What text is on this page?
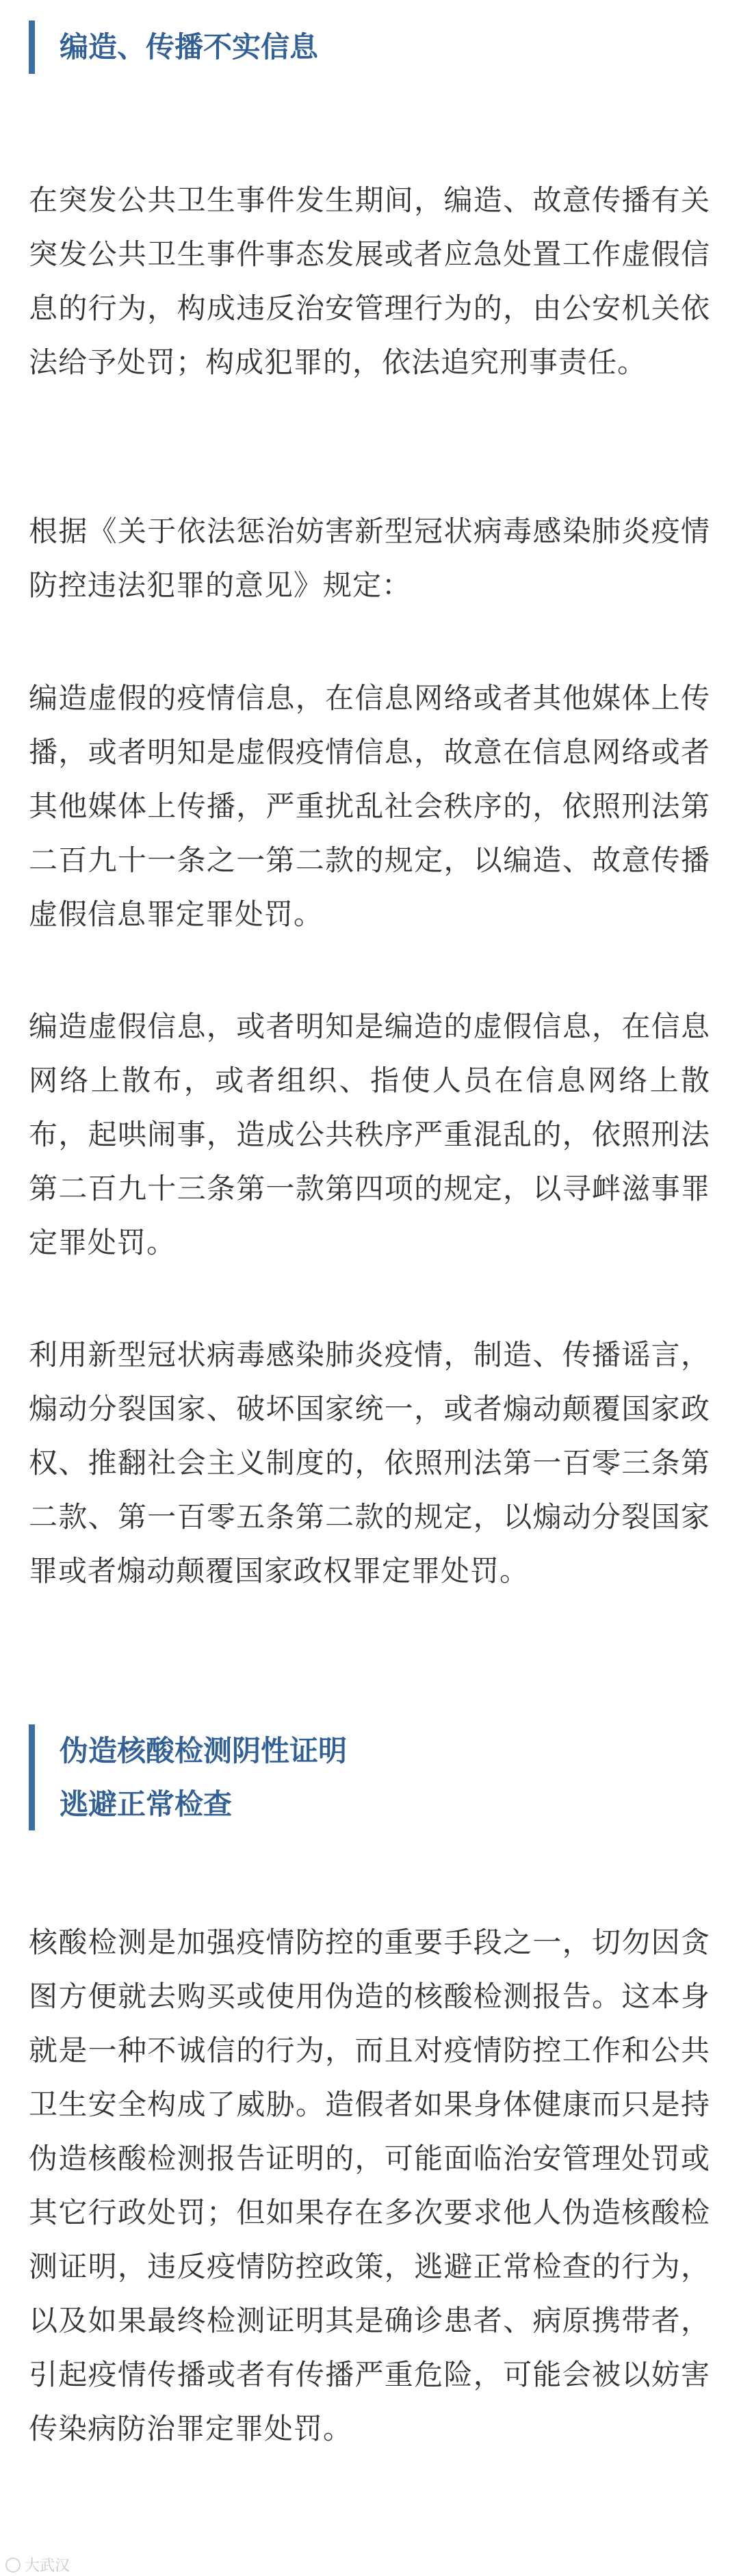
编造、传播不实信息

在突发公共卫生事件发生期间，编造、故意传播有关突发公共卫生事件事态发展或者应急处置工作虚假信息的行为，构成违反治安管理行为的，由公安机关依法给予处罚；构成犯罪的，依法追究刑事责任。

根据《关于依法惩治妨害新型冠状病毒感染肺炎疫情防控违法犯罪的意见》规定：

编造虚假的疫情信息，在信息网络或者其他媒体上传播，或者明知是虚假疫情信息，故意在信息网络或者其他媒体上传播，严重扰乱社会秩序的，依照刑法第二百九十一条之一第二款的规定，以编造、故意传播虚假信息罪定罪处罚。

编造虚假信息，或者明知是编造的虚假信息，在信息网络上散布，或者组织、指使人员在信息网络上散布，起哄闹事，造成公共秩序严重混乱的，依照刑法第二百九十三条第一款第四项的规定，以寻衅滋事罪定罪处罚。

利用新型冠状病毒感染肺炎疫情，制造、传播谣言，煽动分裂国家、破坏国家统一，或者煽动颠覆国家政权、推翻社会主义制度的，依照刑法第一百零三条第二款、第一百零五条第二款的规定，以煽动分裂国家罪或者煽动颠覆国家政权罪定罪处罚。

伪造核酸检测阴性证明
逃避正常检查

核酸检测是加强疫情防控的重要手段之一，切勿因贪图方便就去购买或使用伪造的核酸检测报告。这本身就是一种不诚信的行为，而且对疫情防控工作和公共卫生安全构成了威胁。造假者如果身体健康而只是持伪造核酸检测报告证明的，可能面临治安管理处罚或其它行政处罚；但如果存在多次要求他人伪造核酸检测证明，违反疫情防控政策，逃避正常检查的行为，以及如果最终检测证明其是确诊患者、病原携带者，引起疫情传播或者有传播严重危险，可能会被以妨害传染病防治罪定罪处罚。

大武汉
